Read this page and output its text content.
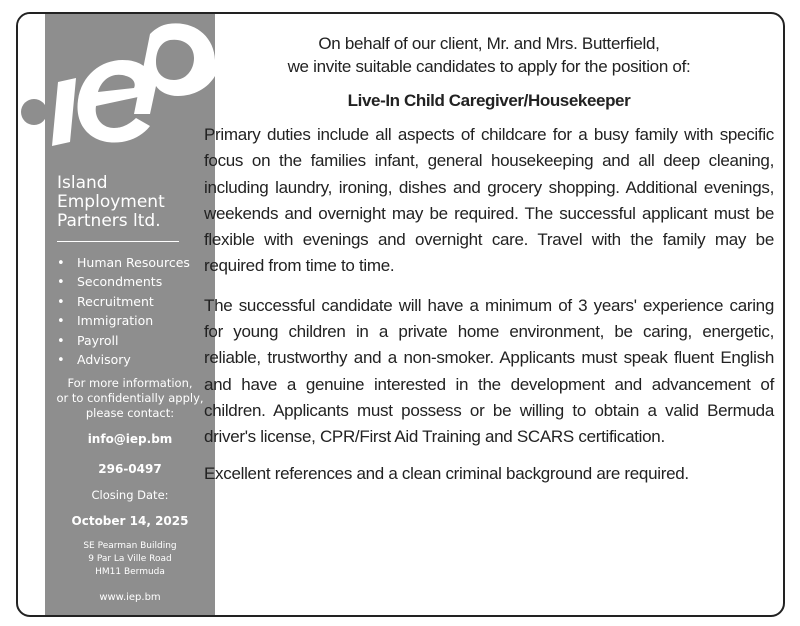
Island
Employment
Partners ltd.
• Human Resources
• Secondments
• Recruitment
• Immigration
• Payroll
• Advisory
For more information,
or to confidentially apply,
please contact:
info@iep.bm
296-0497
Closing Date:
October 14, 2025
SE Pearman Building
9 Par La Ville Road
HM11 Bermuda
www.iep.bm

On behalf of our client, Mr. and Mrs. Butterfield,
we invite suitable candidates to apply for the position of:

Live-In Child Caregiver/Housekeeper

Primary duties include all aspects of childcare for a busy family with specific focus on the families infant, general housekeeping and all deep cleaning, including laundry, ironing, dishes and grocery shopping. Additional evenings, weekends and overnight may be required. The successful applicant must be flexible with evenings and overnight care. Travel with the family may be required from time to time.

The successful candidate will have a minimum of 3 years' experience caring for young children in a private home environment, be caring, energetic, reliable, trustworthy and a non-smoker. Applicants must speak fluent English and have a genuine interested in the development and advancement of children. Applicants must possess or be willing to obtain a valid Bermuda driver's license, CPR/First Aid Training and SCARS certification.

Excellent references and a clean criminal background are required.
